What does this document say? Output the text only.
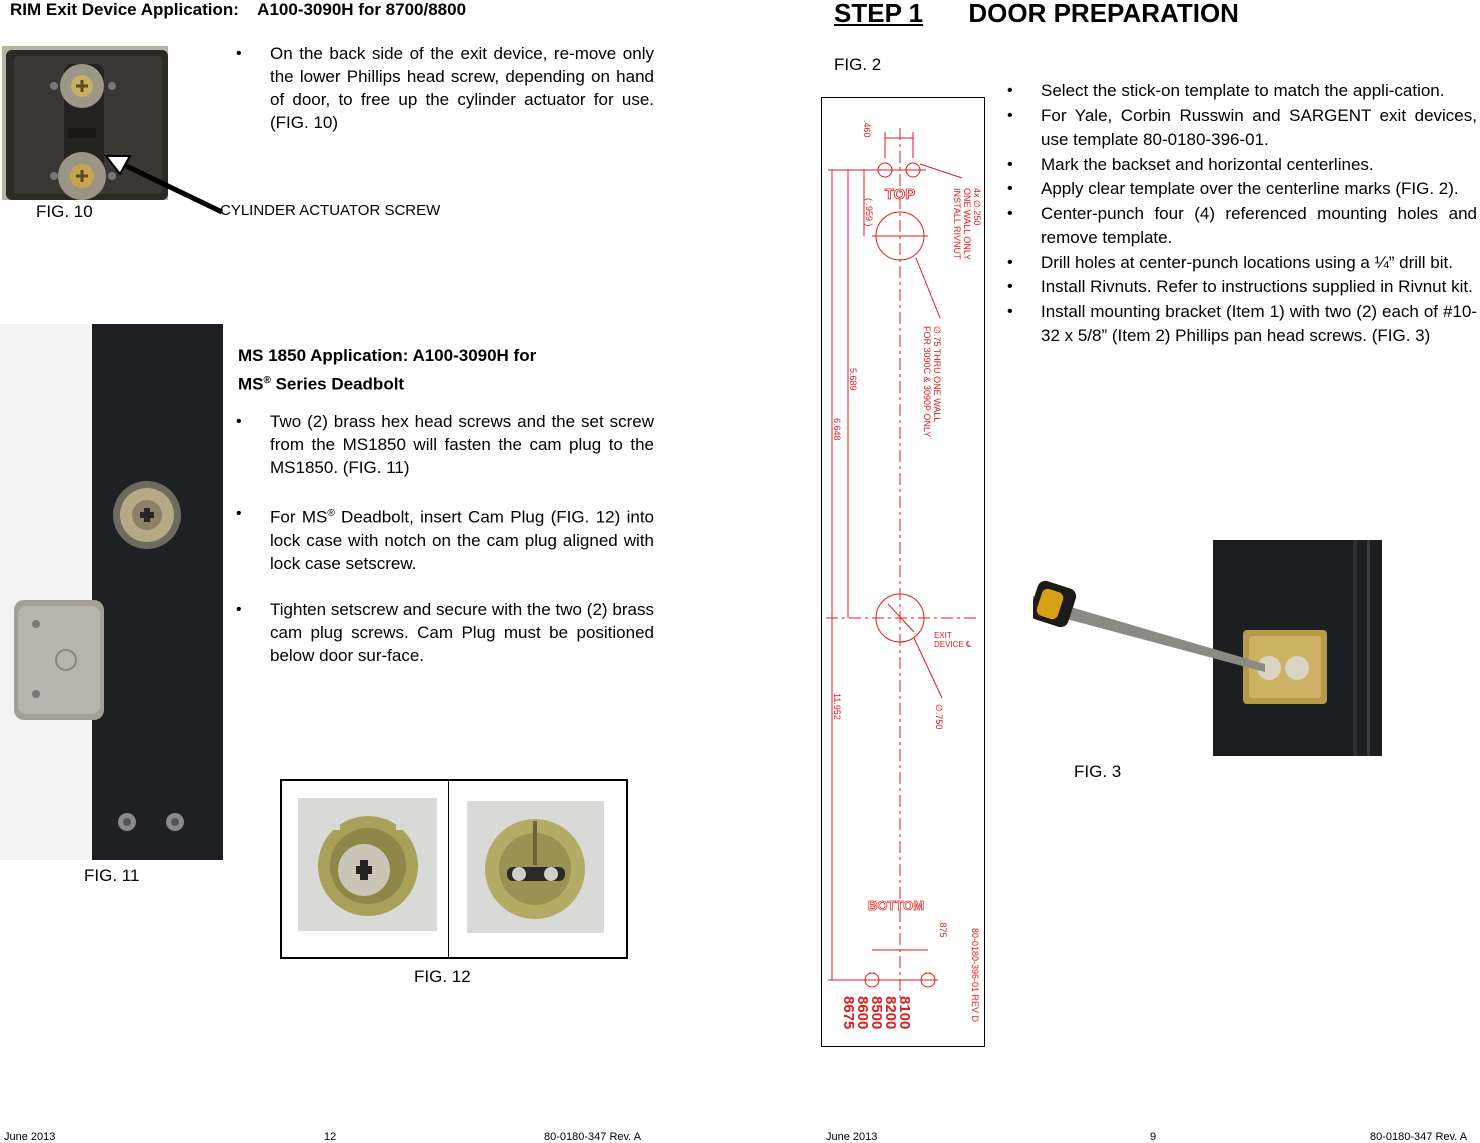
RIM Exit Device Application:    A100-3090H for 8700/8800
• On the back side of the exit device, re-move only the lower Phillips head screw, depending on hand of door, to free up the cylinder actuator for use. (FIG. 10)
FIG. 10	CYLINDER ACTUATOR SCREW
MS 1850 Application: A100-3090H for
MS® Series Deadbolt
• Two (2) brass hex head screws and the set screw from the MS1850 will fasten the cam plug to the MS1850. (FIG. 11)
• For MS® Deadbolt, insert Cam Plug (FIG. 12) into lock case with notch on the cam plug aligned with lock case setscrew.
• Tighten setscrew and secure with the two (2) brass cam plug screws. Cam Plug must be positioned below door sur-face.
FIG. 11
FIG. 12
June 2013	12	80-0180-347 Rev. A
STEP 1 DOOR PREPARATION
FIG. 2
.460
( .959 )
5.689
6.648
11.952
.875
4x ∅.250
ONE WALL ONLY
INSTALL RIVNUT
∅.75 THRU ONE WALL
FOR 3090C & 3090P ONLY
∅.750
EXIT
DEVICE ℄
80-0180-396-01 REV D
TOP
BOTTOM
8100
8200
8500
8600
8675
• Select the stick-on template to match the appli-cation.
• For Yale, Corbin Russwin and SARGENT exit devices, use template 80-0180-396-01.
• Mark the backset and horizontal centerlines.
• Apply clear template over the centerline marks (FIG. 2).
• Center-punch four (4) referenced mounting holes and remove template.
• Drill holes at center-punch locations using a ¼” drill bit.
• Install Rivnuts. Refer to instructions supplied in Rivnut kit.
• Install mounting bracket (Item 1) with two (2) each of #10-32 x 5/8” (Item 2) Phillips pan head screws. (FIG. 3)
FIG. 3
June 2013	9	80-0180-347 Rev. A
